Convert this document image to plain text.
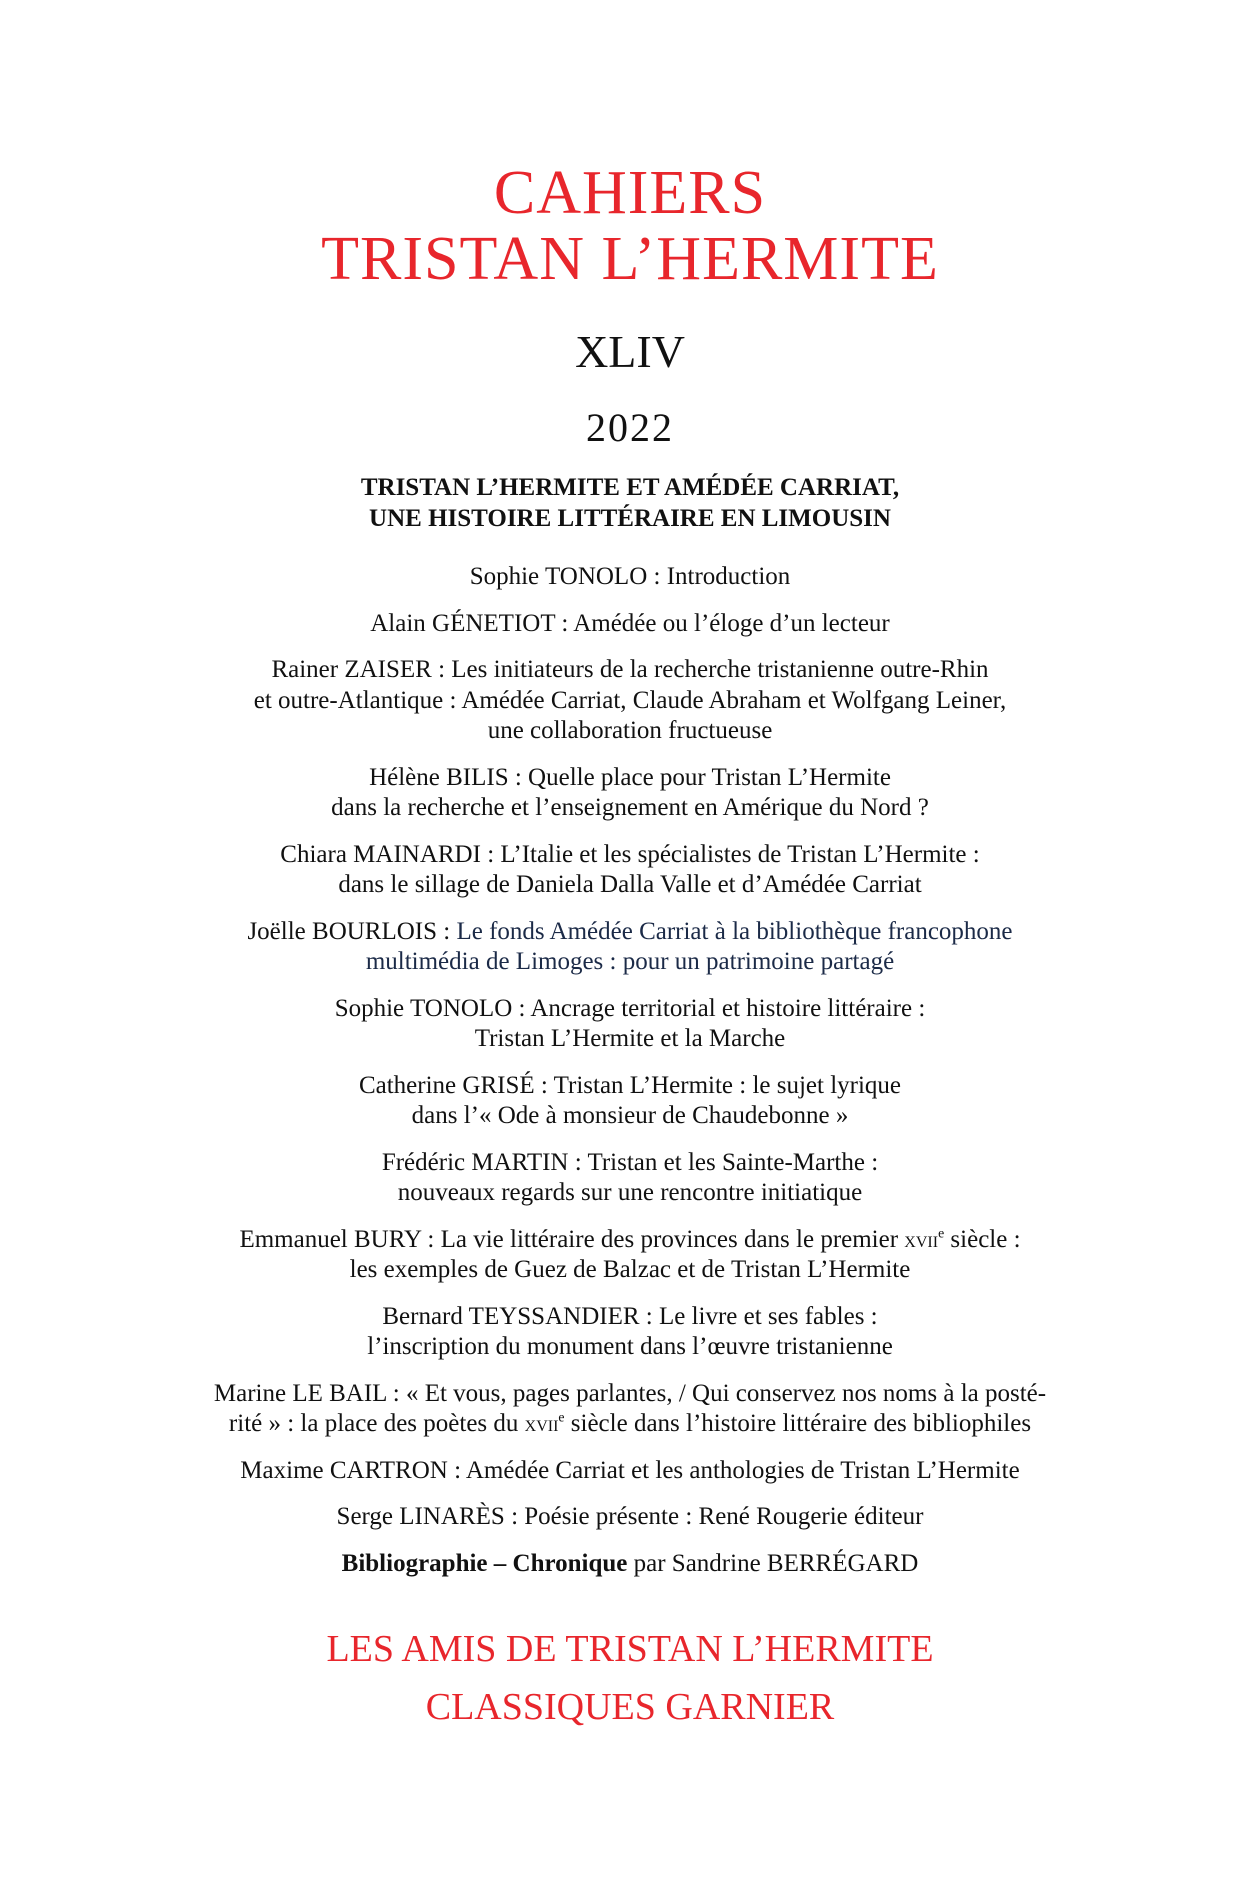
CAHIERS
TRISTAN L’HERMITE
XLIV
2022
TRISTAN L’HERMITE ET AMÉDÉE CARRIAT,
UNE HISTOIRE LITTÉRAIRE EN LIMOUSIN
Sophie TONOLO : Introduction
Alain GÉNETIOT : Amédée ou l’éloge d’un lecteur
Rainer ZAISER : Les initiateurs de la recherche tristanienne outre-Rhin
et outre-Atlantique : Amédée Carriat, Claude Abraham et Wolfgang Leiner,
une collaboration fructueuse
Hélène BILIS : Quelle place pour Tristan L’Hermite
dans la recherche et l’enseignement en Amérique du Nord ?
Chiara MAINARDI : L’Italie et les spécialistes de Tristan L’Hermite :
dans le sillage de Daniela Dalla Valle et d’Amédée Carriat
Joëlle BOURLOIS : Le fonds Amédée Carriat à la bibliothèque francophone
multimédia de Limoges : pour un patrimoine partagé
Sophie TONOLO : Ancrage territorial et histoire littéraire :
Tristan L’Hermite et la Marche
Catherine GRISÉ : Tristan L’Hermite : le sujet lyrique
dans l’« Ode à monsieur de Chaudebonne »
Frédéric MARTIN : Tristan et les Sainte-Marthe :
nouveaux regards sur une rencontre initiatique
Emmanuel BURY : La vie littéraire des provinces dans le premier xvii$^e$ siècle :
les exemples de Guez de Balzac et de Tristan L’Hermite
Bernard TEYSSANDIER : Le livre et ses fables :
l’inscription du monument dans l’œuvre tristanienne
Marine LE BAIL : « Et vous, pages parlantes, / Qui conservez nos noms à la posté-
rité » : la place des poètes du xvii$^e$ siècle dans l’histoire littéraire des bibliophiles
Maxime CARTRON : Amédée Carriat et les anthologies de Tristan L’Hermite
Serge LINARÈS : Poésie présente : René Rougerie éditeur
Bibliographie – Chronique par Sandrine BERRÉGARD
LES AMIS DE TRISTAN L’HERMITE
CLASSIQUES GARNIER
